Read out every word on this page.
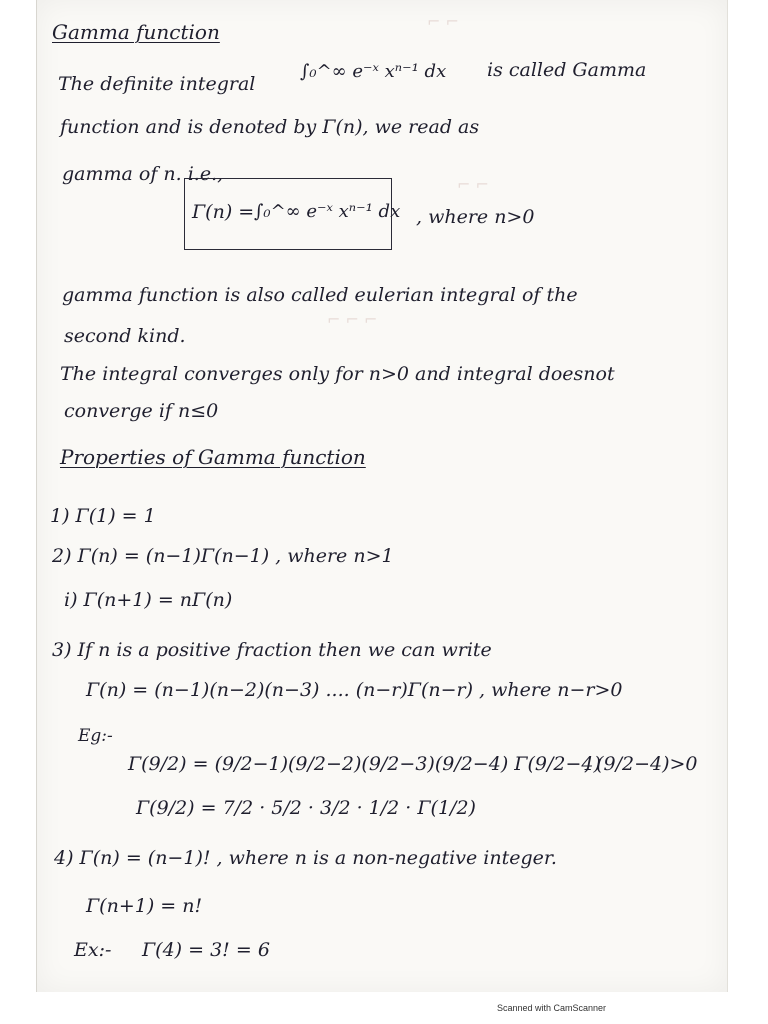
⌐ ⌐
⌐ ⌐
⌐ ⌐ ⌐
Gamma function
The definite integral
∫₀^∞ e⁻ˣ xⁿ⁻¹ dx is called Gamma
function and is denoted by Γ(n), we read as
gamma of n. i.e.,
Γ(n) = ∫₀^∞ e⁻ˣ xⁿ⁻¹ dx , where n>0
gamma function is also called eulerian integral of the
second kind.
The integral converges only for n>0 and integral doesnot
converge if n≤0
Properties of Gamma function
1) Γ(1) = 1
2) Γ(n) = (n−1)Γ(n−1) , where n>1
i) Γ(n+1) = nΓ(n)
3) If n is a positive fraction then we can write
Γ(n) = (n−1)(n−2)(n−3) .... (n−r)Γ(n−r) , where n−r>0
Eg:-
Γ(9/2) = (9/2−1)(9/2−2)(9/2−3)(9/2−4) Γ(9/2−4)
, (9/2−4)>0
Γ(9/2) = 7/2 · 5/2 · 3/2 · 1/2 · Γ(1/2)
4) Γ(n) = (n−1)! , where n is a non-negative integer.
Γ(n+1) = n!
Ex:- Γ(4) = 3! = 6
Scanned with CamScanner
